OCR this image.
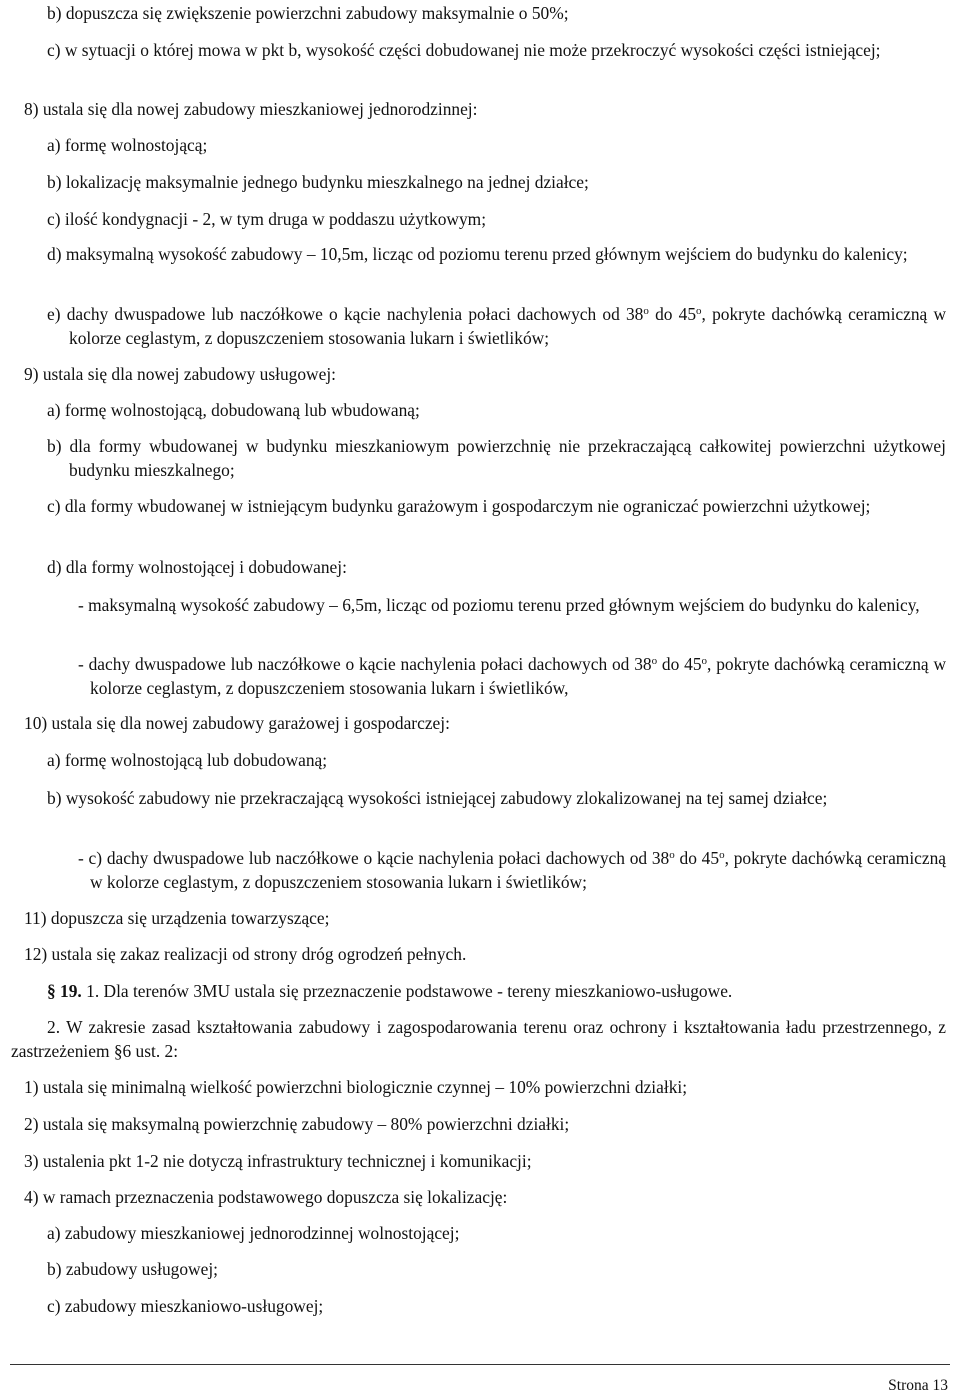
b) dopuszcza się zwiększenie powierzchni zabudowy maksymalnie o 50%;

c) w sytuacji o której mowa w pkt b, wysokość części dobudowanej nie może przekroczyć wysokości części istniejącej;

8) ustala się dla nowej zabudowy mieszkaniowej jednorodzinnej:

a) formę wolnostojącą;

b) lokalizację maksymalnie jednego budynku mieszkalnego na jednej działce;

c) ilość kondygnacji - 2, w tym druga w poddaszu użytkowym;

d) maksymalną wysokość zabudowy – 10,5m, licząc od poziomu terenu przed głównym wejściem do budynku do kalenicy;

e) dachy dwuspadowe lub naczółkowe o kącie nachylenia połaci dachowych od 38$^o$ do 45$^o$, pokryte dachówką ceramiczną w kolorze ceglastym, z dopuszczeniem stosowania lukarn i świetlików;

9) ustala się dla nowej zabudowy usługowej:

a) formę wolnostojącą, dobudowaną lub wbudowaną;

b) dla formy wbudowanej w budynku mieszkaniowym powierzchnię nie przekraczającą całkowitej powierzchni użytkowej budynku mieszkalnego;

c) dla formy wbudowanej w istniejącym budynku garażowym i gospodarczym nie ograniczać powierzchni użytkowej;

d) dla formy wolnostojącej i dobudowanej:

- maksymalną wysokość zabudowy – 6,5m, licząc od poziomu terenu przed głównym wejściem do budynku do kalenicy,

- dachy dwuspadowe lub naczółkowe o kącie nachylenia połaci dachowych od 38$^o$ do 45$^o$, pokryte dachówką ceramiczną w kolorze ceglastym, z dopuszczeniem stosowania lukarn i świetlików,

10) ustala się dla nowej zabudowy garażowej i gospodarczej:

a) formę wolnostojącą lub dobudowaną;

b) wysokość zabudowy nie przekraczającą wysokości istniejącej zabudowy zlokalizowanej na tej samej działce;

- c) dachy dwuspadowe lub naczółkowe o kącie nachylenia połaci dachowych od 38$^o$ do 45$^o$, pokryte dachówką ceramiczną w kolorze ceglastym, z dopuszczeniem stosowania lukarn i świetlików;

11) dopuszcza się urządzenia towarzyszące;

12) ustala się zakaz realizacji od strony dróg ogrodzeń pełnych.

§ 19. 1. Dla terenów 3MU ustala się przeznaczenie podstawowe - tereny mieszkaniowo-usługowe.

2. W zakresie zasad kształtowania zabudowy i zagospodarowania terenu oraz ochrony i kształtowania ładu przestrzennego, z zastrzeżeniem §6 ust. 2:

1) ustala się minimalną wielkość powierzchni biologicznie czynnej – 10% powierzchni działki;

2) ustala się maksymalną powierzchnię zabudowy – 80% powierzchni działki;

3) ustalenia pkt 1-2 nie dotyczą infrastruktury technicznej i komunikacji;

4) w ramach przeznaczenia podstawowego dopuszcza się lokalizację:

a) zabudowy mieszkaniowej jednorodzinnej wolnostojącej;

b) zabudowy usługowej;

c) zabudowy mieszkaniowo-usługowej;

Strona 13
